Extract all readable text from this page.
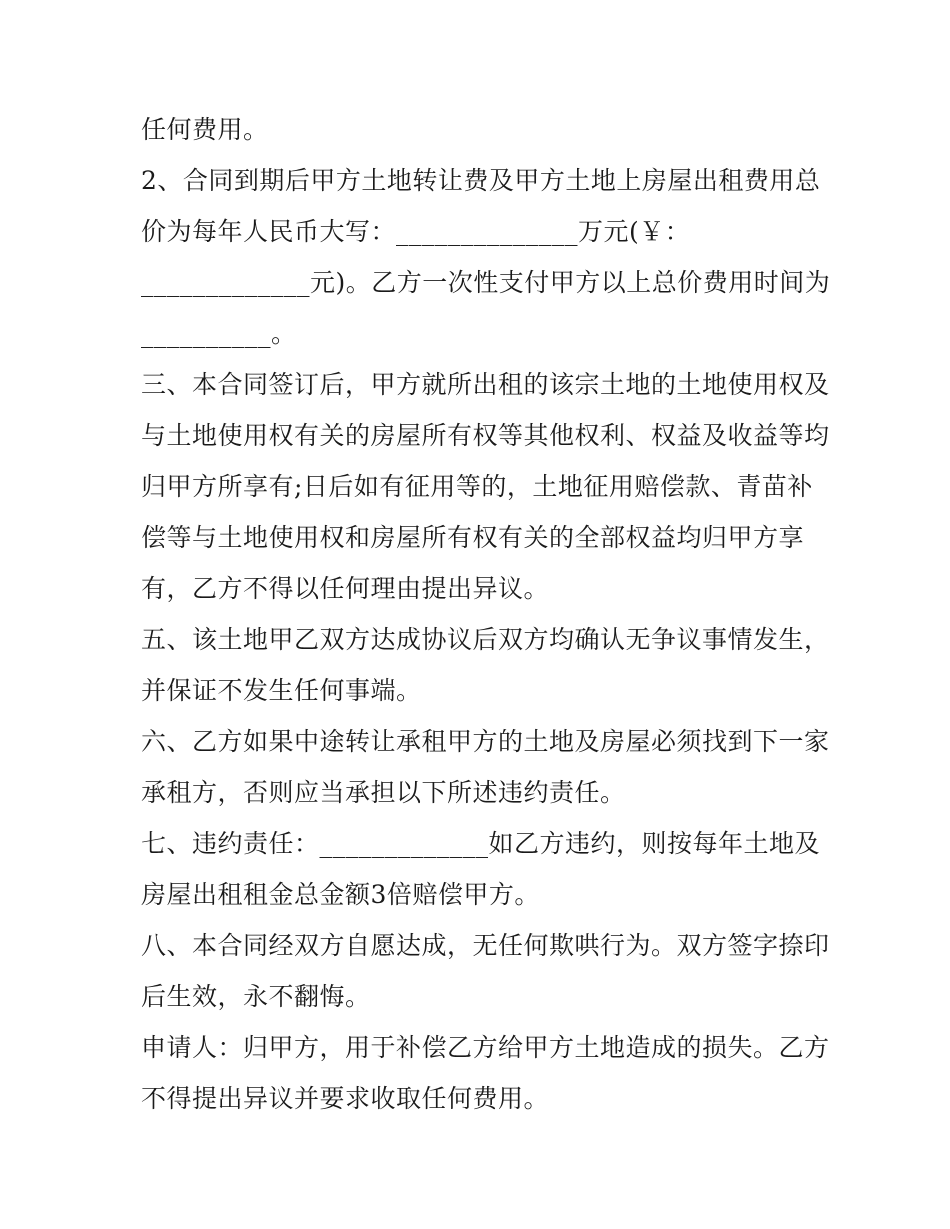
任何费用。
2、合同到期后甲方土地转让费及甲方土地上房屋出租费用总
价为每年人民币大写：______________万元(￥：
_____________元)。乙方一次性支付甲方以上总价费用时间为
__________。
三、本合同签订后，甲方就所出租的该宗土地的土地使用权及
与土地使用权有关的房屋所有权等其他权利、权益及收益等均
归甲方所享有;日后如有征用等的，土地征用赔偿款、青苗补
偿等与土地使用权和房屋所有权有关的全部权益均归甲方享
有，乙方不得以任何理由提出异议。
五、该土地甲乙双方达成协议后双方均确认无争议事情发生，
并保证不发生任何事端。
六、乙方如果中途转让承租甲方的土地及房屋必须找到下一家
承租方，否则应当承担以下所述违约责任。
七、违约责任：_____________如乙方违约，则按每年土地及
房屋出租租金总金额3倍赔偿甲方。
八、本合同经双方自愿达成，无任何欺哄行为。双方签字捺印
后生效，永不翻悔。
申请人：归甲方，用于补偿乙方给甲方土地造成的损失。乙方
不得提出异议并要求收取任何费用。
